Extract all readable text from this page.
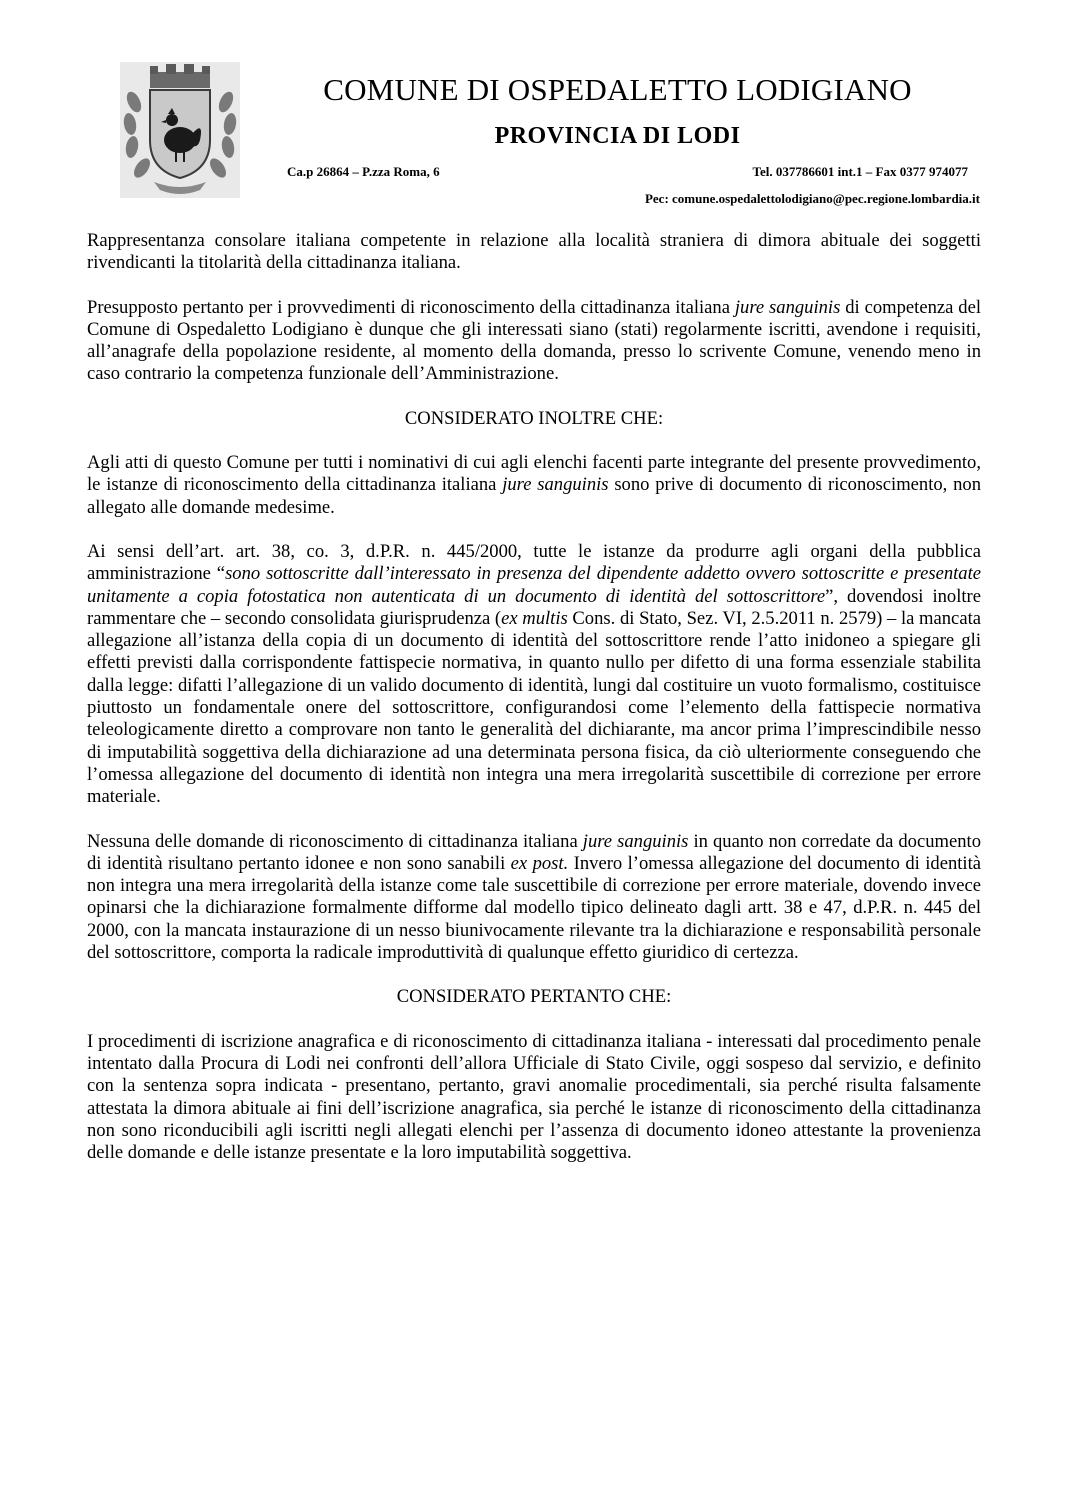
COMUNE DI OSPEDALETTO LODIGIANO
PROVINCIA DI LODI
Ca.p 26864 – P.zza Roma, 6	Tel. 037786601 int.1 – Fax 0377 974077
Pec: comune.ospedalettolodigiano@pec.regione.lombardia.it

Rappresentanza consolare italiana competente in relazione alla località straniera di dimora abituale dei soggetti rivendicanti la titolarità della cittadinanza italiana.

Presupposto pertanto per i provvedimenti di riconoscimento della cittadinanza italiana jure sanguinis di competenza del Comune di Ospedaletto Lodigiano è dunque che gli interessati siano (stati) regolarmente iscritti, avendone i requisiti, all’anagrafe della popolazione residente, al momento della domanda, presso lo scrivente Comune, venendo meno in caso contrario la competenza funzionale dell’Amministrazione.

CONSIDERATO INOLTRE CHE:

Agli atti di questo Comune per tutti i nominativi di cui agli elenchi facenti parte integrante del presente provvedimento, le istanze di riconoscimento della cittadinanza italiana jure sanguinis sono prive di documento di riconoscimento, non allegato alle domande medesime.

Ai sensi dell’art. art. 38, co. 3, d.P.R. n. 445/2000, tutte le istanze da produrre agli organi della pubblica amministrazione “sono sottoscritte dall’interessato in presenza del dipendente addetto ovvero sottoscritte e presentate unitamente a copia fotostatica non autenticata di un documento di identità del sottoscrittore”, dovendosi inoltre rammentare che – secondo consolidata giurisprudenza (ex multis Cons. di Stato, Sez. VI, 2.5.2011 n. 2579) – la mancata allegazione all’istanza della copia di un documento di identità del sottoscrittore rende l’atto inidoneo a spiegare gli effetti previsti dalla corrispondente fattispecie normativa, in quanto nullo per difetto di una forma essenziale stabilita dalla legge: difatti l’allegazione di un valido documento di identità, lungi dal costituire un vuoto formalismo, costituisce piuttosto un fondamentale onere del sottoscrittore, configurandosi come l’elemento della fattispecie normativa teleologicamente diretto a comprovare non tanto le generalità del dichiarante, ma ancor prima l’imprescindibile nesso di imputabilità soggettiva della dichiarazione ad una determinata persona fisica, da ciò ulteriormente conseguendo che l’omessa allegazione del documento di identità non integra una mera irregolarità suscettibile di correzione per errore materiale.

Nessuna delle domande di riconoscimento di cittadinanza italiana jure sanguinis in quanto non corredate da documento di identità risultano pertanto idonee e non sono sanabili ex post. Invero l’omessa allegazione del documento di identità non integra una mera irregolarità della istanze come tale suscettibile di correzione per errore materiale, dovendo invece opinarsi che la dichiarazione formalmente difforme dal modello tipico delineato dagli artt. 38 e 47, d.P.R. n. 445 del 2000, con la mancata instaurazione di un nesso biunivocamente rilevante tra la dichiarazione e responsabilità personale del sottoscrittore, comporta la radicale improduttività di qualunque effetto giuridico di certezza.

CONSIDERATO PERTANTO CHE:

I procedimenti di iscrizione anagrafica e di riconoscimento di cittadinanza italiana - interessati dal procedimento penale intentato dalla Procura di Lodi nei confronti dell’allora Ufficiale di Stato Civile, oggi sospeso dal servizio, e definito con la sentenza sopra indicata - presentano, pertanto, gravi anomalie procedimentali, sia perché risulta falsamente attestata la dimora abituale ai fini dell’iscrizione anagrafica, sia perché le istanze di riconoscimento della cittadinanza non sono riconducibili agli iscritti negli allegati elenchi per l’assenza di documento idoneo attestante la provenienza delle domande e delle istanze presentate e la loro imputabilità soggettiva.
